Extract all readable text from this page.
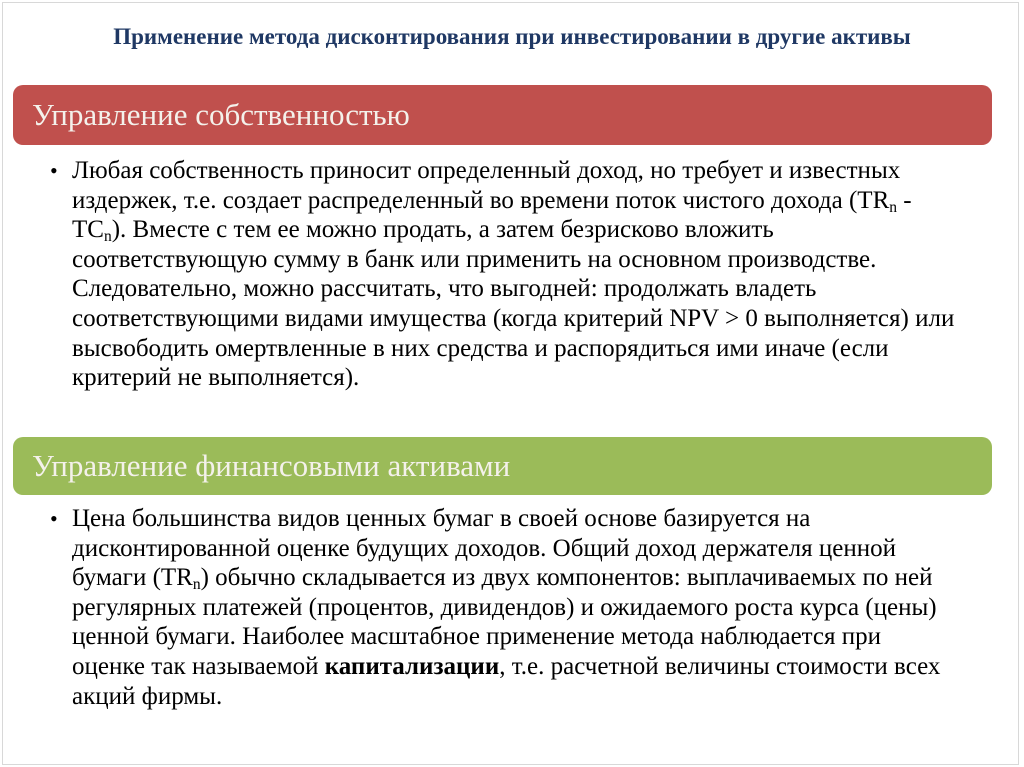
Применение метода дисконтирования при инвестировании в другие активы
Управление собственностью
• Любая собственность приносит определенный доход, но требует и известных издержек, т.е. создает распределенный во времени поток чистого дохода $(TR_n - TC_n)$. Вместе с тем ее можно продать, а затем безрисково вложить соответствующую сумму в банк или применить на основном производстве. Следовательно, можно рассчитать, что выгодней: продолжать владеть соответствующими видами имущества (когда критерий NPV > 0 выполняется) или высвободить омертвленные в них средства и распорядиться ими иначе (если критерий не выполняется).
Управление финансовыми активами
• Цена большинства видов ценных бумаг в своей основе базируется на дисконтированной оценке будущих доходов. Общий доход держателя ценной бумаги $(TR_n)$ обычно складывается из двух компонентов: выплачиваемых по ней регулярных платежей (процентов, дивидендов) и ожидаемого роста курса (цены) ценной бумаги. Наиболее масштабное применение метода наблюдается при оценке так называемой капитализации, т.е. расчетной величины стоимости всех акций фирмы.
